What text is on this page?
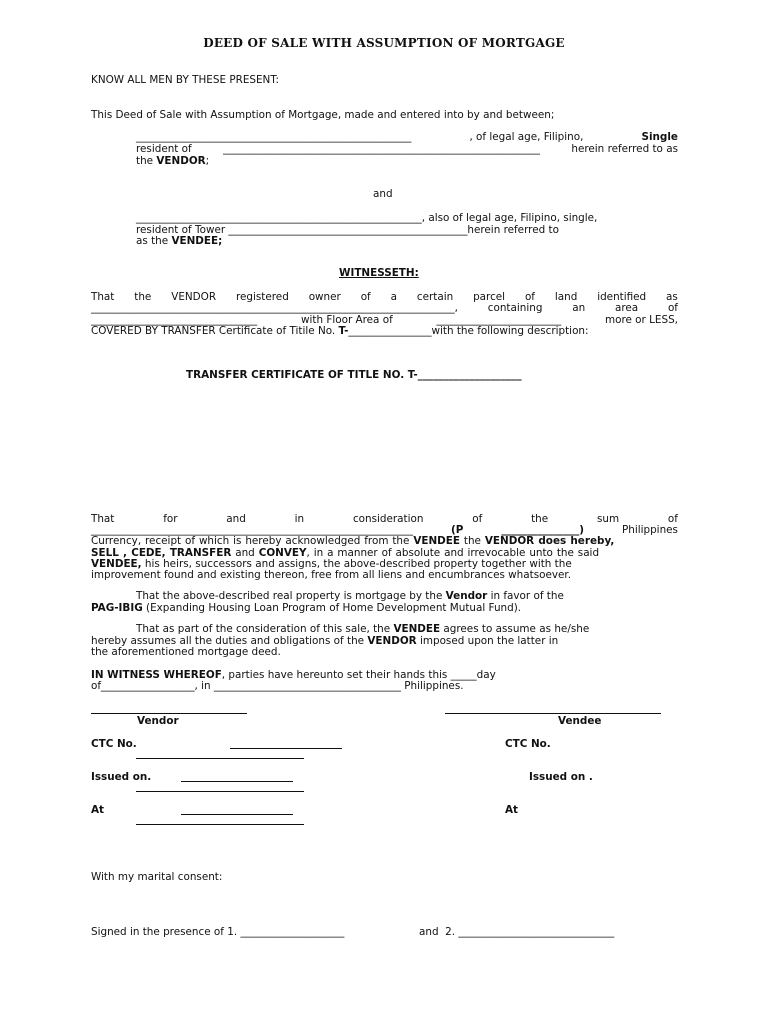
DEED OF SALE WITH ASSUMPTION OF MORTGAGE
KNOW ALL MEN BY THESE PRESENT:
This Deed of Sale with Assumption of Mortgage, made and entered into by and between;
_____________________________________________________	, of legal age, Filipino,	Single
resident of	_____________________________________________________________	herein referred to as
the VENDOR;
and
_______________________________________________________, also of legal age, Filipino, single,
resident of Tower ______________________________________________herein referred to
as the VENDEE;
WITNESSETH:
That the VENDOR registered owner of a certain parcel of land identified as
______________________________________________________________________,	containing	an	area	of
________________________________	with Floor Area of	________________________	more or LESS,
COVERED BY TRANSFER Certificate of Titile No. T-________________with the following description:
TRANSFER CERTIFICATE OF TITLE NO. T-____________________
That	for	and	in	consideration	of	the	sum	of
______________________________________________________________	(P	_______________)	Philippines
Currency, receipt of which is hereby acknowledged from the VENDEE the VENDOR does hereby,
SELL , CEDE, TRANSFER and CONVEY, in a manner of absolute and irrevocable unto the said
VENDEE, his heirs, successors and assigns, the above-described property together with the
improvement found and existing thereon, free from all liens and encumbrances whatsoever.
That the above-described real property is mortgage by the Vendor in favor of the
PAG-IBIG (Expanding Housing Loan Program of Home Development Mutual Fund).
That as part of the consideration of this sale, the VENDEE agrees to assume as he/she
hereby assumes all the duties and obligations of the VENDOR imposed upon the latter in
the aforementioned mortgage deed.
IN WITNESS WHEREOF, parties have hereunto set their hands this _____day
of__________________, in ____________________________________ Philippines.
Vendor	Vendee
CTC No.	CTC No.
Issued on.	Issued on .
At	At
With my marital consent:
Signed in the presence of 1. ____________________	and  2. ______________________________
